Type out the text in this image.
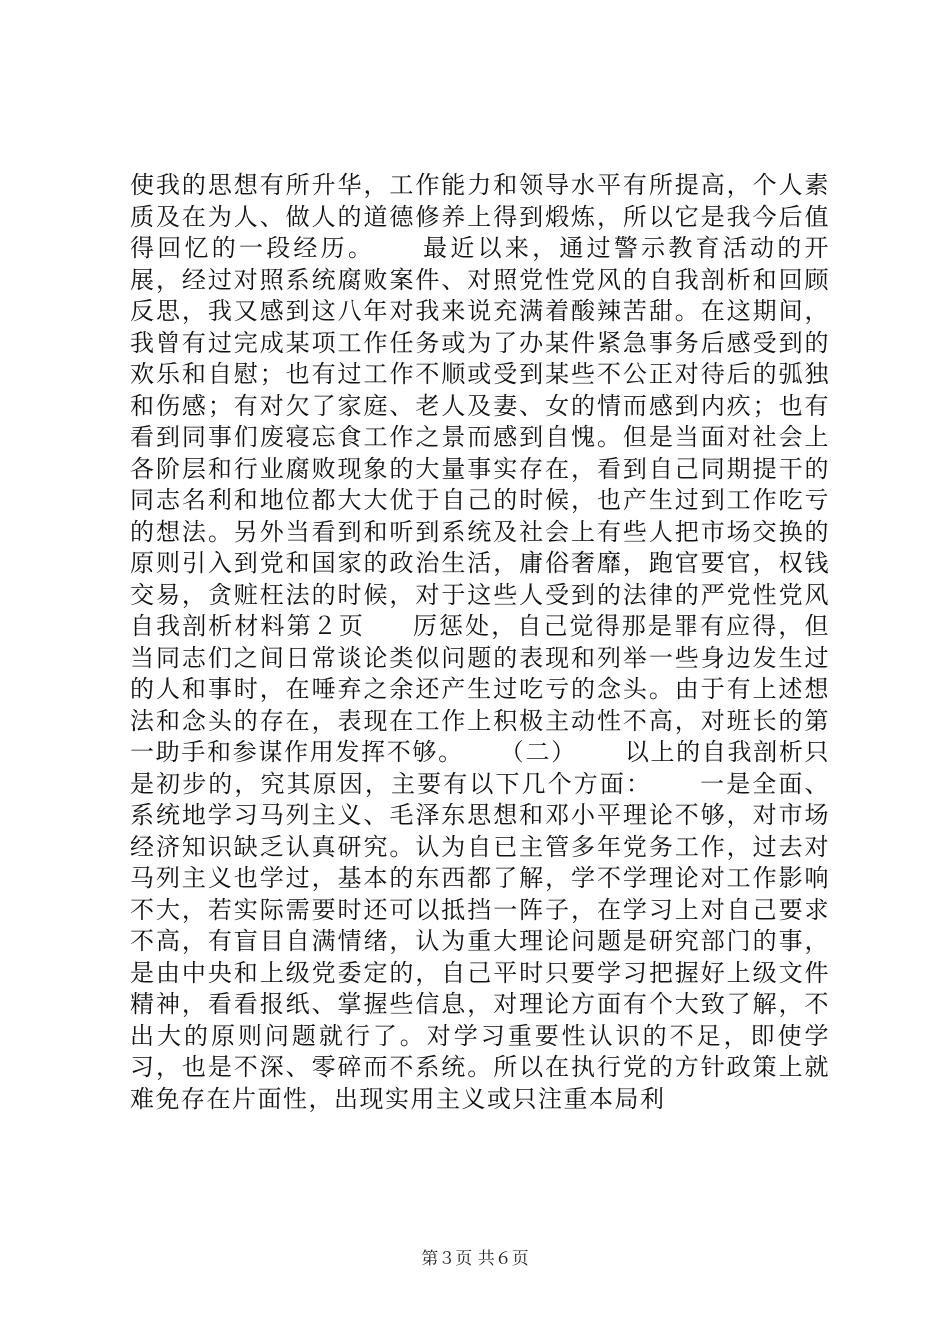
使我的思想有所升华，工作能力和领导水平有所提高，个人素质及在为人、做人的道德修养上得到煅炼，所以它是我今后值得回忆的一段经历。 最近以来，通过警示教育活动的开展，经过对照系统腐败案件、对照党性党风的自我剖析和回顾反思，我又感到这八年对我来说充满着酸辣苦甜。在这期间，我曾有过完成某项工作任务或为了办某件紧急事务后感受到的欢乐和自慰；也有过工作不顺或受到某些不公正对待后的弧独和伤感；有对欠了家庭、老人及妻、女的情而感到内疚；也有看到同事们废寝忘食工作之景而感到自愧。但是当面对社会上各阶层和行业腐败现象的大量事实存在，看到自己同期提干的同志名利和地位都大大优于自己的时候，也产生过到工作吃亏的想法。另外当看到和听到系统及社会上有些人把市场交换的原则引入到党和国家的政治生活，庸俗奢靡，跑官要官，权钱交易，贪赃枉法的时候，对于这些人受到的法律的严党性党风自我剖析材料第２页 厉惩处，自己觉得那是罪有应得，但当同志们之间日常谈论类似问题的表现和列举一些身边发生过的人和事时，在唾弃之余还产生过吃亏的念头。由于有上述想法和念头的存在，表现在工作上积极主动性不高，对班长的第一助手和参谋作用发挥不够。 （二） 以上的自我剖析只是初步的，究其原因，主要有以下几个方面： 一是全面、系统地学习马列主义、毛泽东思想和邓小平理论不够，对市场经济知识缺乏认真研究。认为自已主管多年党务工作，过去对马列主义也学过，基本的东西都了解，学不学理论对工作影响不大，若实际需要时还可以抵挡一阵子，在学习上对自己要求不高，有盲目自满情绪，认为重大理论问题是研究部门的事，是由中央和上级党委定的，自己平时只要学习把握好上级文件精神，看看报纸、掌握些信息，对理论方面有个大致了解，不出大的原则问题就行了。对学习重要性认识的不足，即使学习，也是不深、零碎而不系统。所以在执行党的方针政策上就难免存在片面性，出现实用主义或只注重本局利
第３页 共６页
